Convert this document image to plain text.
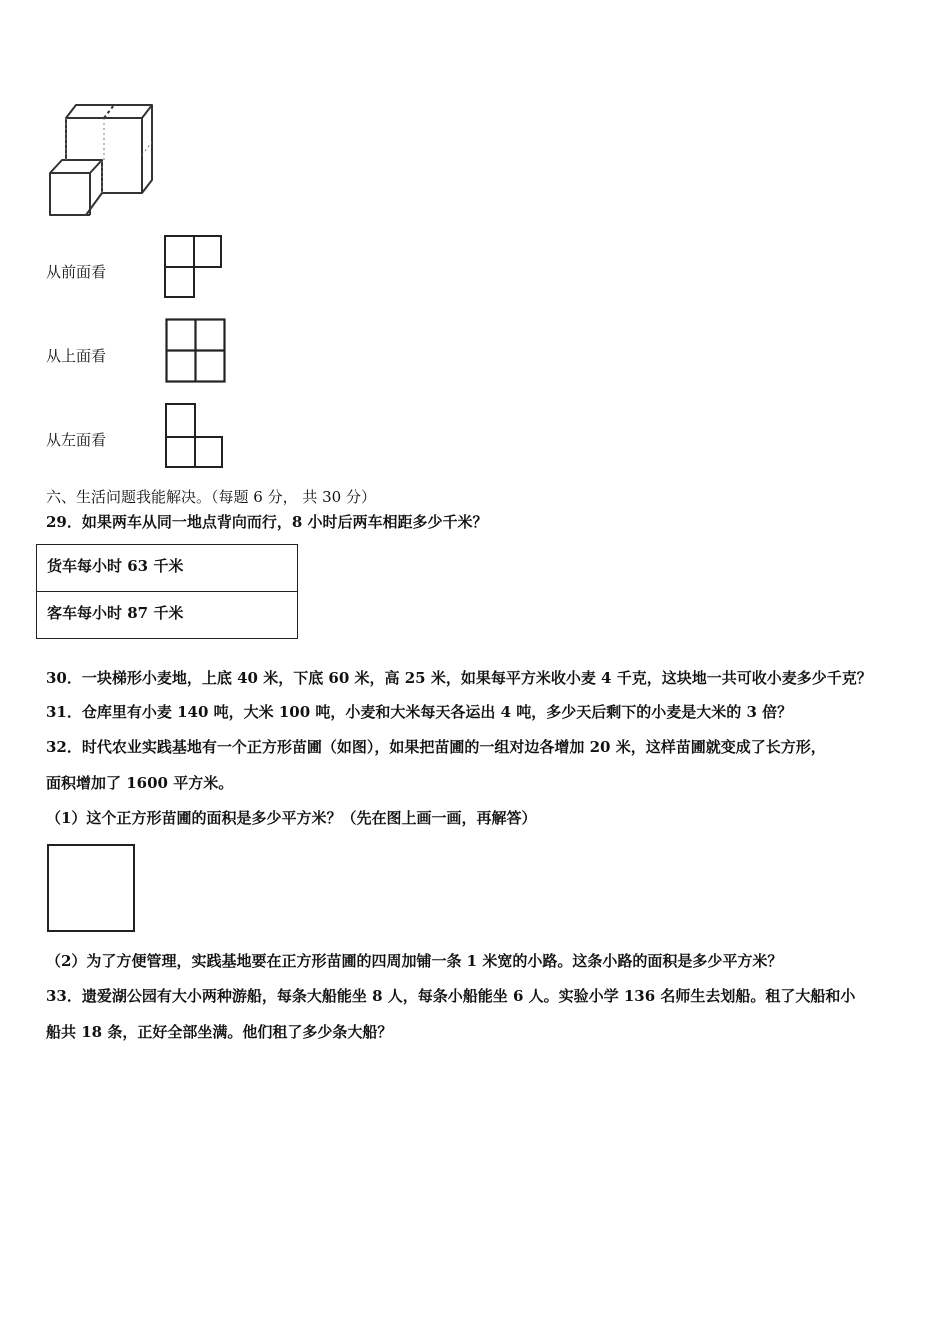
从前面看
从上面看
从左面看
六、生活问题我能解决。（每题 6 分， 共 30 分）
29．如果两车从同一地点背向而行，8 小时后两车相距多少千米？
货车每小时 63 千米

客车每小时 87 千米
30．一块梯形小麦地，上底 40 米，下底 60 米，高 25 米，如果每平方米收小麦 4 千克，这块地一共可收小麦多少千克？
31．仓库里有小麦 140 吨，大米 100 吨，小麦和大米每天各运出 4 吨，多少天后剩下的小麦是大米的 3 倍？
32．时代农业实践基地有一个正方形苗圃（如图），如果把苗圃的一组对边各增加 20 米，这样苗圃就变成了长方形，
面积增加了 1600 平方米。
（1）这个正方形苗圃的面积是多少平方米？（先在图上画一画，再解答）
（2）为了方便管理，实践基地要在正方形苗圃的四周加铺一条 1 米宽的小路。这条小路的面积是多少平方米？
33．遗爱湖公园有大小两种游船，每条大船能坐 8 人，每条小船能坐 6 人。实验小学 136 名师生去划船。租了大船和小
船共 18 条，正好全部坐满。他们租了多少条大船？
